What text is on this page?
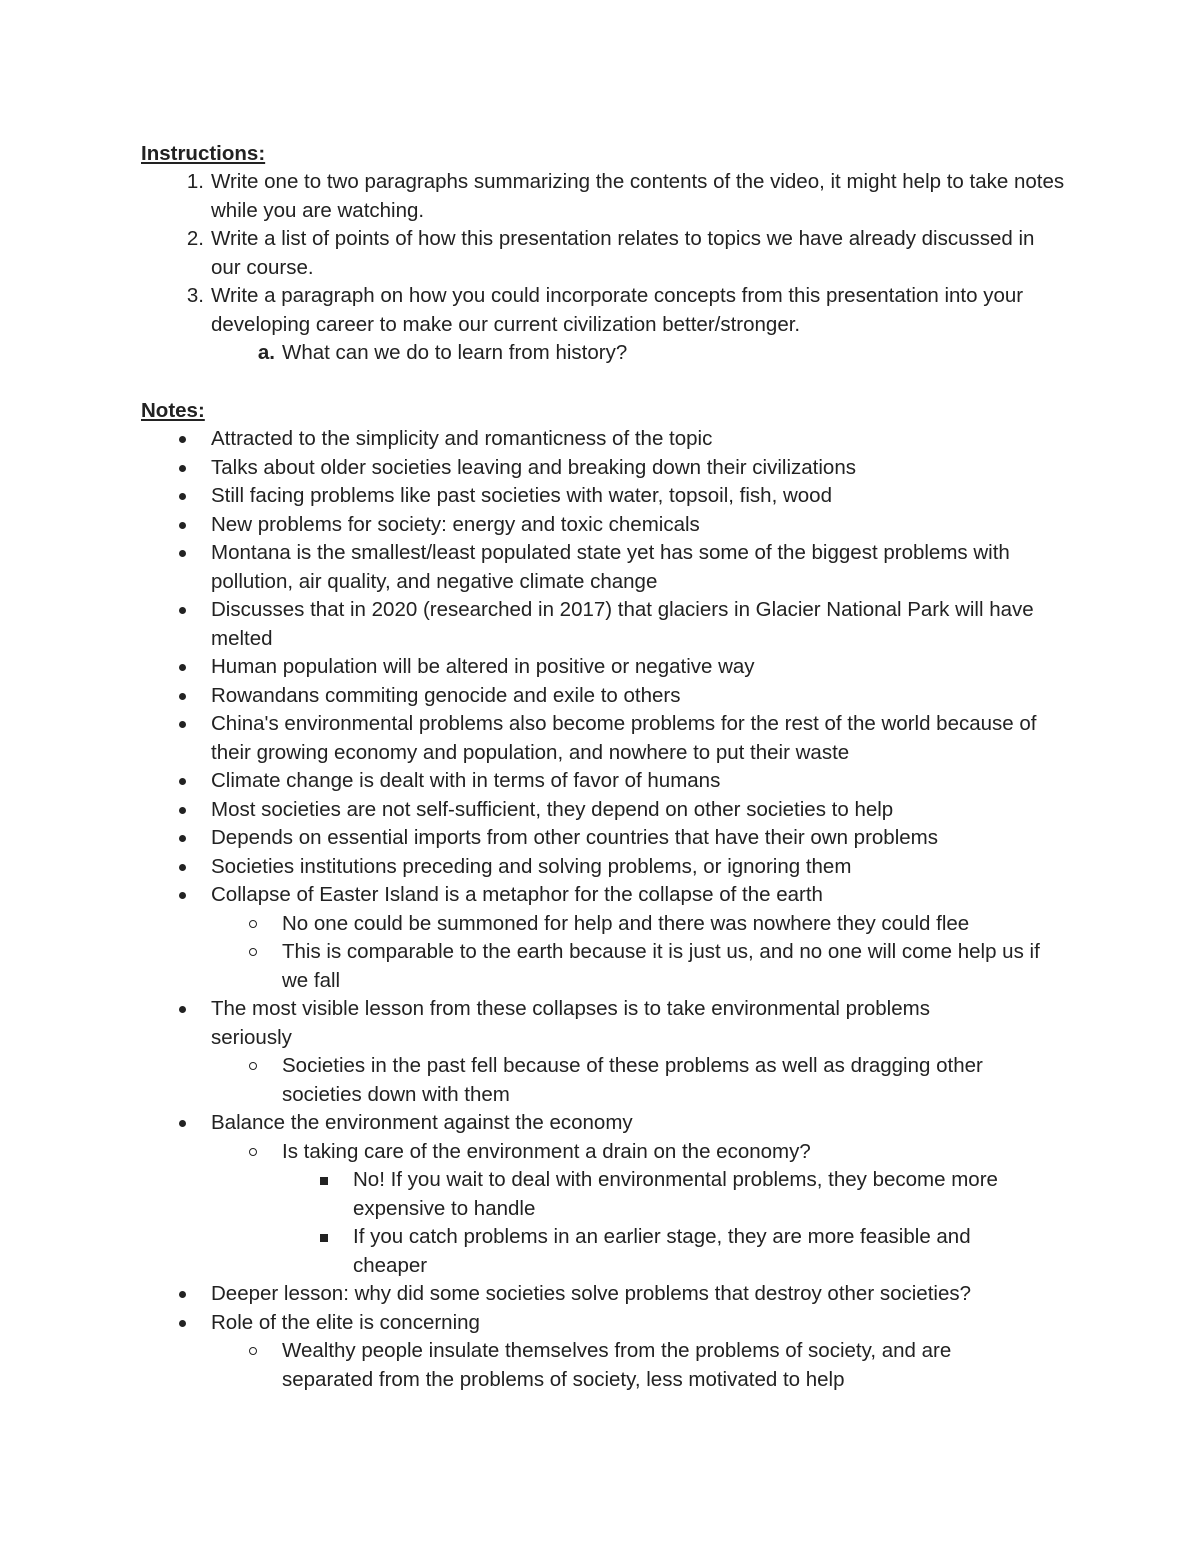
Instructions:
1. Write one to two paragraphs summarizing the contents of the video, it might help to take notes while you are watching.
2. Write a list of points of how this presentation relates to topics we have already discussed in our course.
3. Write a paragraph on how you could incorporate concepts from this presentation into your developing career to make our current civilization better/stronger.
a. What can we do to learn from history?
Notes:
Attracted to the simplicity and romanticness of the topic
Talks about older societies leaving and breaking down their civilizations
Still facing problems like past societies with water, topsoil, fish, wood
New problems for society: energy and toxic chemicals
Montana is the smallest/least populated state yet has some of the biggest problems with pollution, air quality, and negative climate change
Discusses that in 2020 (researched in 2017) that glaciers in Glacier National Park will have melted
Human population will be altered in positive or negative way
Rowandans commiting genocide and exile to others
China's environmental problems also become problems for the rest of the world because of their growing economy and population, and nowhere to put their waste
Climate change is dealt with in terms of favor of humans
Most societies are not self-sufficient, they depend on other societies to help
Depends on essential imports from other countries that have their own problems
Societies institutions preceding and solving problems, or ignoring them
Collapse of Easter Island is a metaphor for the collapse of the earth
No one could be summoned for help and there was nowhere they could flee
This is comparable to the earth because it is just us, and no one will come help us if we fall
The most visible lesson from these collapses is to take environmental problems seriously
Societies in the past fell because of these problems as well as dragging other societies down with them
Balance the environment against the economy
Is taking care of the environment a drain on the economy?
No! If you wait to deal with environmental problems, they become more expensive to handle
If you catch problems in an earlier stage, they are more feasible and cheaper
Deeper lesson: why did some societies solve problems that destroy other societies?
Role of the elite is concerning
Wealthy people insulate themselves from the problems of society, and are separated from the problems of society, less motivated to help
